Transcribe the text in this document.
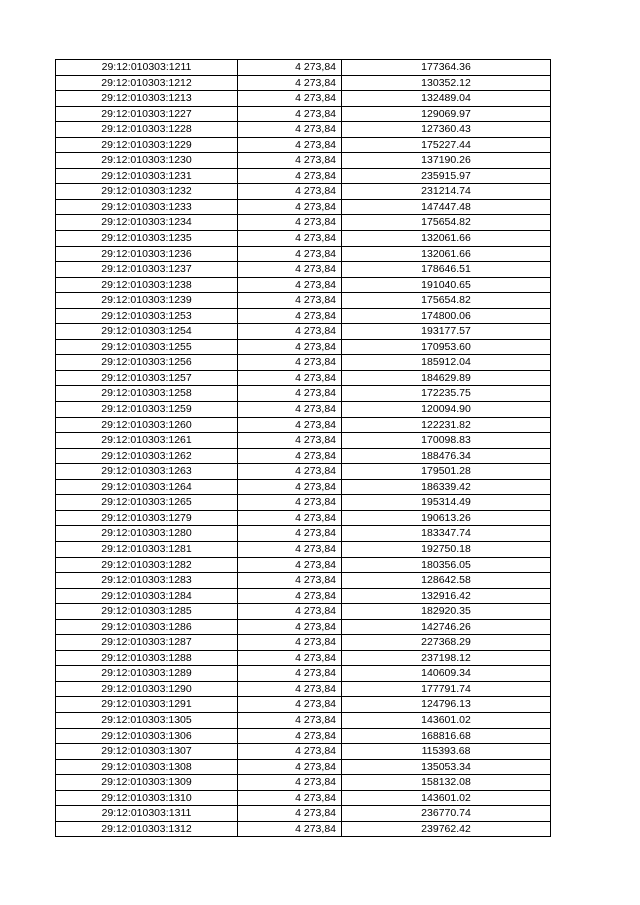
29:12:010303:1211	4 273,84	177364.36
29:12:010303:1212	4 273,84	130352.12
29:12:010303:1213	4 273,84	132489.04
29:12:010303:1227	4 273,84	129069.97
29:12:010303:1228	4 273,84	127360.43
29:12:010303:1229	4 273,84	175227.44
29:12:010303:1230	4 273,84	137190.26
29:12:010303:1231	4 273,84	235915.97
29:12:010303:1232	4 273,84	231214.74
29:12:010303:1233	4 273,84	147447.48
29:12:010303:1234	4 273,84	175654.82
29:12:010303:1235	4 273,84	132061.66
29:12:010303:1236	4 273,84	132061.66
29:12:010303:1237	4 273,84	178646.51
29:12:010303:1238	4 273,84	191040.65
29:12:010303:1239	4 273,84	175654.82
29:12:010303:1253	4 273,84	174800.06
29:12:010303:1254	4 273,84	193177.57
29:12:010303:1255	4 273,84	170953.60
29:12:010303:1256	4 273,84	185912.04
29:12:010303:1257	4 273,84	184629.89
29:12:010303:1258	4 273,84	172235.75
29:12:010303:1259	4 273,84	120094.90
29:12:010303:1260	4 273,84	122231.82
29:12:010303:1261	4 273,84	170098.83
29:12:010303:1262	4 273,84	188476.34
29:12:010303:1263	4 273,84	179501.28
29:12:010303:1264	4 273,84	186339.42
29:12:010303:1265	4 273,84	195314.49
29:12:010303:1279	4 273,84	190613.26
29:12:010303:1280	4 273,84	183347.74
29:12:010303:1281	4 273,84	192750.18
29:12:010303:1282	4 273,84	180356.05
29:12:010303:1283	4 273,84	128642.58
29:12:010303:1284	4 273,84	132916.42
29:12:010303:1285	4 273,84	182920.35
29:12:010303:1286	4 273,84	142746.26
29:12:010303:1287	4 273,84	227368.29
29:12:010303:1288	4 273,84	237198.12
29:12:010303:1289	4 273,84	140609.34
29:12:010303:1290	4 273,84	177791.74
29:12:010303:1291	4 273,84	124796.13
29:12:010303:1305	4 273,84	143601.02
29:12:010303:1306	4 273,84	168816.68
29:12:010303:1307	4 273,84	115393.68
29:12:010303:1308	4 273,84	135053.34
29:12:010303:1309	4 273,84	158132.08
29:12:010303:1310	4 273,84	143601.02
29:12:010303:1311	4 273,84	236770.74
29:12:010303:1312	4 273,84	239762.42
